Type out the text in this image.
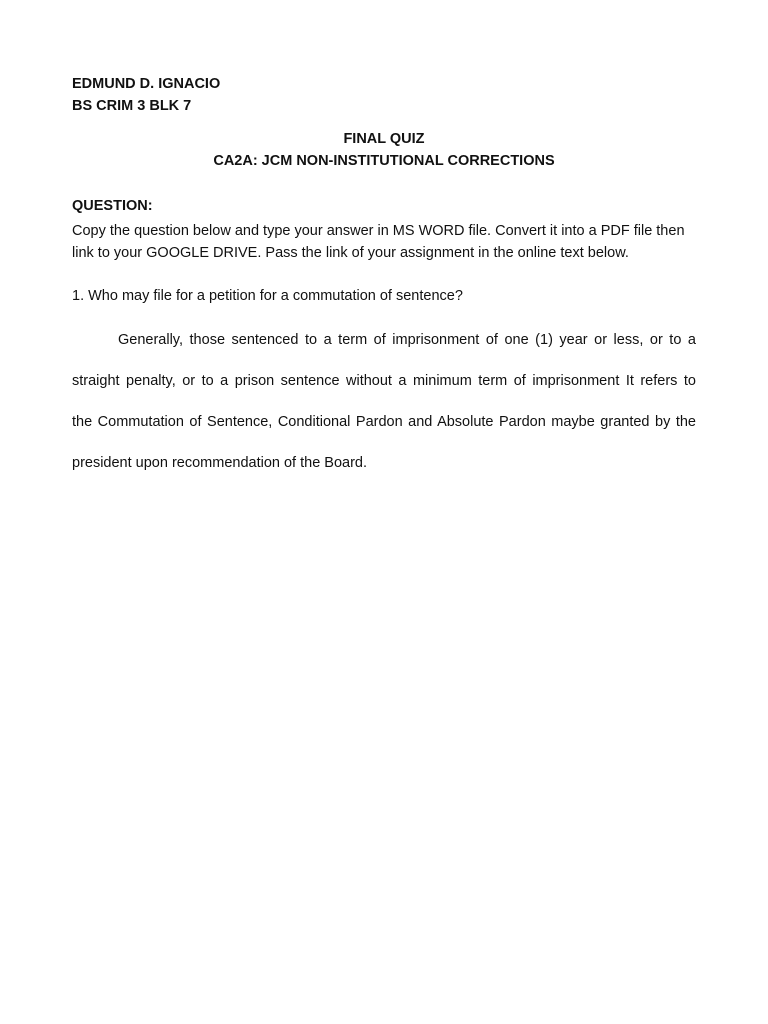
EDMUND D. IGNACIO
BS CRIM 3 BLK 7
FINAL QUIZ
CA2A: JCM NON-INSTITUTIONAL CORRECTIONS
QUESTION:
Copy the question below and type your answer in MS WORD file. Convert it into a PDF file then link to your GOOGLE DRIVE. Pass the link of your assignment in the online text below.
1. Who may file for a petition for a commutation of sentence?
Generally, those sentenced to a term of imprisonment of one (1) year or less, or to a
straight penalty, or to a prison sentence without a minimum term of imprisonment It refers to
the Commutation of Sentence, Conditional Pardon and Absolute Pardon maybe granted by the
president upon recommendation of the Board.
